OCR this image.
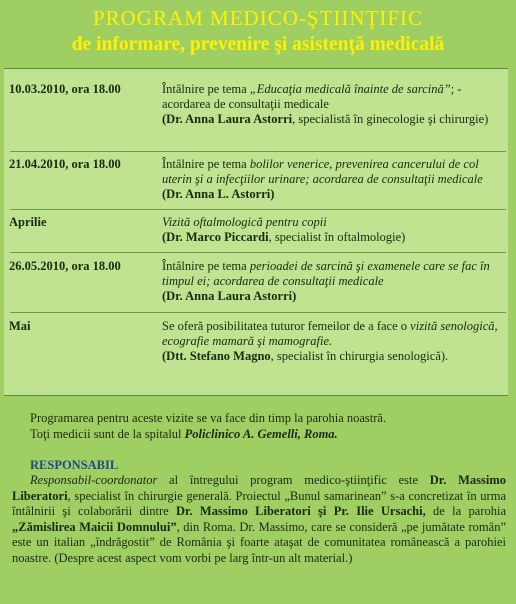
PROGRAM MEDICO-ŞTIINŢIFIC
de informare, prevenire şi asistenţă medicală
10.03.2010, ora 18.00	Întâlnire pe tema „Educaţia medicală înainte de sarcină”; - acordarea de consultaţii medicale
(Dr. Anna Laura Astorri, specialistă în ginecologie şi chirurgie)
21.04.2010, ora 18.00	Întâlnire pe tema bolilor venerice, prevenirea cancerului de col uterin şi a infecţiilor urinare; acordarea de consultaţii medicale (Dr. Anna L. Astorri)
Aprilie	Vizită oftalmologică pentru copii
(Dr. Marco Piccardi, specialist în oftalmologie)
26.05.2010, ora 18.00	Întâlnire pe tema perioadei de sarcină şi examenele care se fac în timpul ei; acordarea de consultaţii medicale
(Dr. Anna Laura Astorri)
Mai	Se oferă posibilitatea tuturor femeilor de a face o vizită senologică, ecografie mamară şi mamografie.
(Dtt. Stefano Magno, specialist în chirurgia senologică).
Programarea pentru aceste vizite se va face din timp la parohia noastră.
Toţi medicii sunt de la spitalul Policlinico A. Gemelli, Roma.
RESPONSABIL
Responsabil-coordonator al întregului program medico-ştiinţific este Dr. Massimo Liberatori, specialist în chirurgie generală. Proiectul „Bunul samarinean” s-a concretizat în urma întâlnirii şi colaborării dintre Dr. Massimo Liberatori şi Pr. Ilie Ursachi, de la parohia „Zămislirea Maicii Domnului”, din Roma. Dr. Massimo, care se consideră „pe jumătate român” este un italian „îndrăgostit” de România şi foarte ataşat de comunitatea românească a parohiei noastre. (Despre acest aspect vom vorbi pe larg într-un alt material.)
